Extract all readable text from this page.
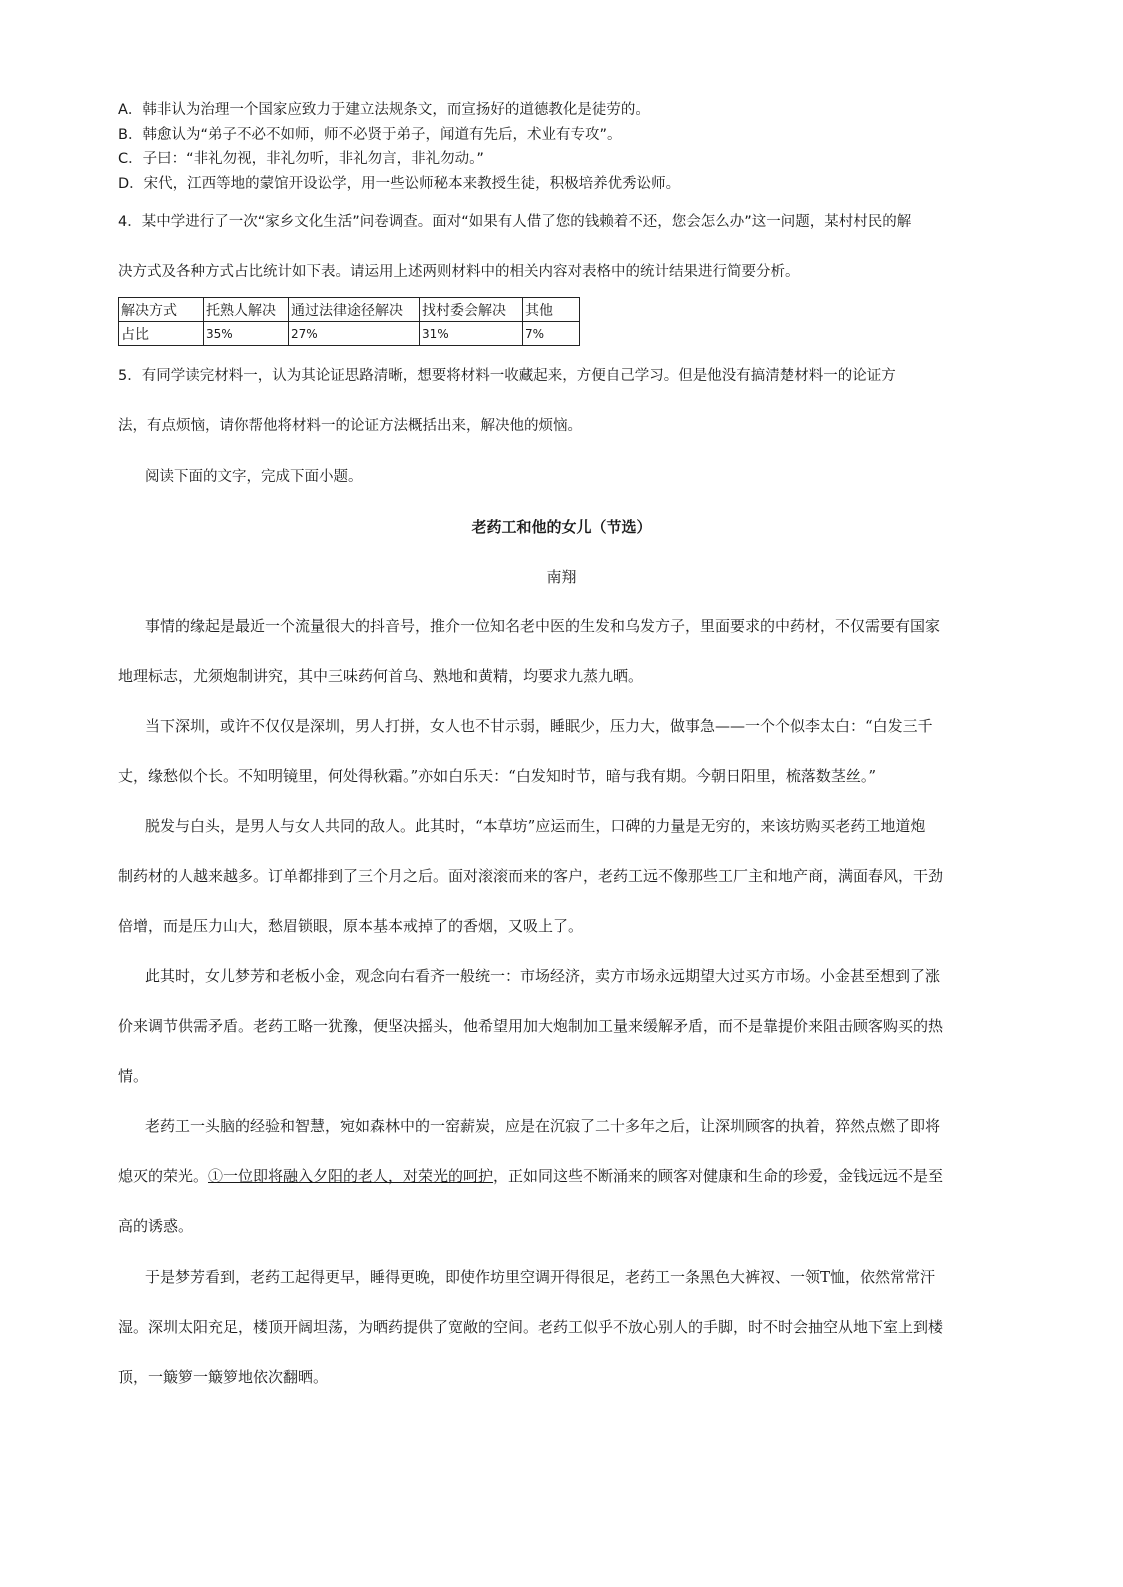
A．韩非认为治理一个国家应致力于建立法规条文，而宣扬好的道德教化是徒劳的。
B．韩愈认为“弟子不必不如师，师不必贤于弟子，闻道有先后，术业有专攻”。
C．子曰：“非礼勿视，非礼勿听，非礼勿言，非礼勿动。”
D．宋代，江西等地的蒙馆开设讼学，用一些讼师秘本来教授生徒，积极培养优秀讼师。
4．某中学进行了一次“家乡文化生活”问卷调查。面对“如果有人借了您的钱赖着不还，您会怎么办”这一问题，某村村民的解
决方式及各种方式占比统计如下表。请运用上述两则材料中的相关内容对表格中的统计结果进行简要分析。
解决方式	托熟人解决	通过法律途径解决	找村委会解决	其他
占比	35%	27%	31%	7%
5．有同学读完材料一，认为其论证思路清晰，想要将材料一收藏起来，方便自己学习。但是他没有搞清楚材料一的论证方
法，有点烦恼，请你帮他将材料一的论证方法概括出来，解决他的烦恼。
阅读下面的文字，完成下面小题。
老药工和他的女儿（节选）
南翔
事情的缘起是最近一个流量很大的抖音号，推介一位知名老中医的生发和乌发方子，里面要求的中药材，不仅需要有国家
地理标志，尤须炮制讲究，其中三味药何首乌、熟地和黄精，均要求九蒸九晒。
当下深圳，或许不仅仅是深圳，男人打拼，女人也不甘示弱，睡眠少，压力大，做事急——一个个似李太白：“白发三千
丈，缘愁似个长。不知明镜里，何处得秋霜。”亦如白乐天：“白发知时节，暗与我有期。今朝日阳里，梳落数茎丝。”
脱发与白头，是男人与女人共同的敌人。此其时，“本草坊”应运而生，口碑的力量是无穷的，来该坊购买老药工地道炮
制药材的人越来越多。订单都排到了三个月之后。面对滚滚而来的客户，老药工远不像那些工厂主和地产商，满面春风，干劲
倍增，而是压力山大，愁眉锁眼，原本基本戒掉了的香烟，又吸上了。
此其时，女儿梦芳和老板小金，观念向右看齐一般统一：市场经济，卖方市场永远期望大过买方市场。小金甚至想到了涨
价来调节供需矛盾。老药工略一犹豫，便坚决摇头，他希望用加大炮制加工量来缓解矛盾，而不是靠提价来阻击顾客购买的热
情。
老药工一头脑的经验和智慧，宛如森林中的一窑薪炭，应是在沉寂了二十多年之后，让深圳顾客的执着，猝然点燃了即将
熄灭的荣光。①一位即将融入夕阳的老人，对荣光的呵护，正如同这些不断涌来的顾客对健康和生命的珍爱，金钱远远不是至
高的诱惑。
于是梦芳看到，老药工起得更早，睡得更晚，即使作坊里空调开得很足，老药工一条黑色大裤衩、一领T恤，依然常常汗
湿。深圳太阳充足，楼顶开阔坦荡，为晒药提供了宽敞的空间。老药工似乎不放心别人的手脚，时不时会抽空从地下室上到楼
顶，一簸箩一簸箩地依次翻晒。
